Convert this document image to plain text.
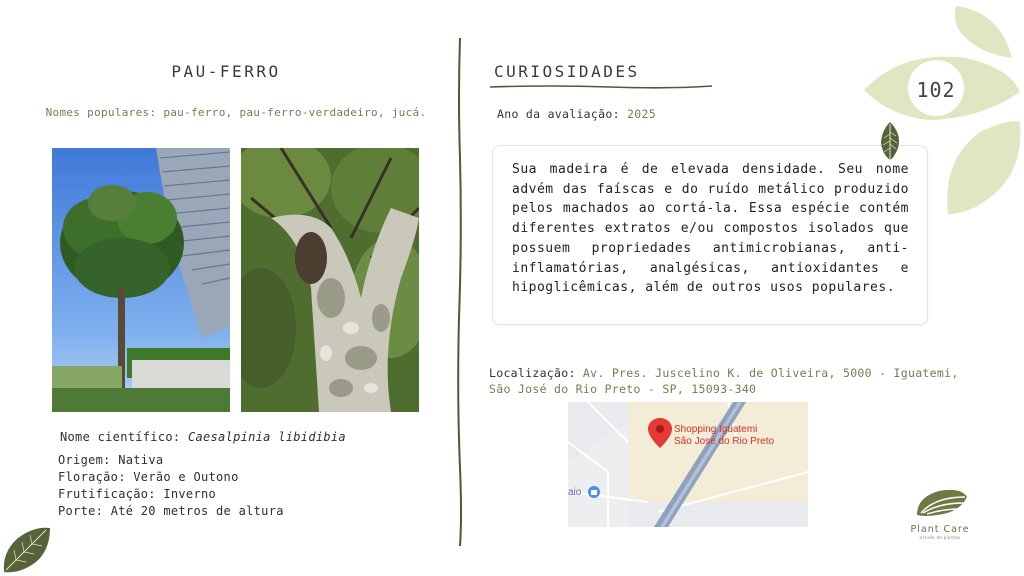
PAU-FERRO
Nomes populares: pau-ferro, pau-ferro-verdadeiro, jucá.
Nome científico: Caesalpinia libidibia
Origem: Nativa
Floração: Verão e Outono
Frutificação: Inverno
Porte: Até 20 metros de altura
CURIOSIDADES
Ano da avaliação: 2025

Sua madeira é de elevada densidade. Seu nome advém das faíscas e do ruído metálico produzido pelos machados ao cortá-la. Essa espécie contém diferentes extratos e/ou compostos isolados que possuem propriedades antimicrobianas, anti-inflamatórias, analgésicas, antioxidantes e hipoglicêmicas, além de outros usos populares.

Localização: Av. Pres. Juscelino K. de Oliveira, 5000 - Iguatemi, São José do Rio Preto - SP, 15093-340
Shopping Iguatemi
São José do Rio Preto
aio
102
Plant Care
estudo de plantas
